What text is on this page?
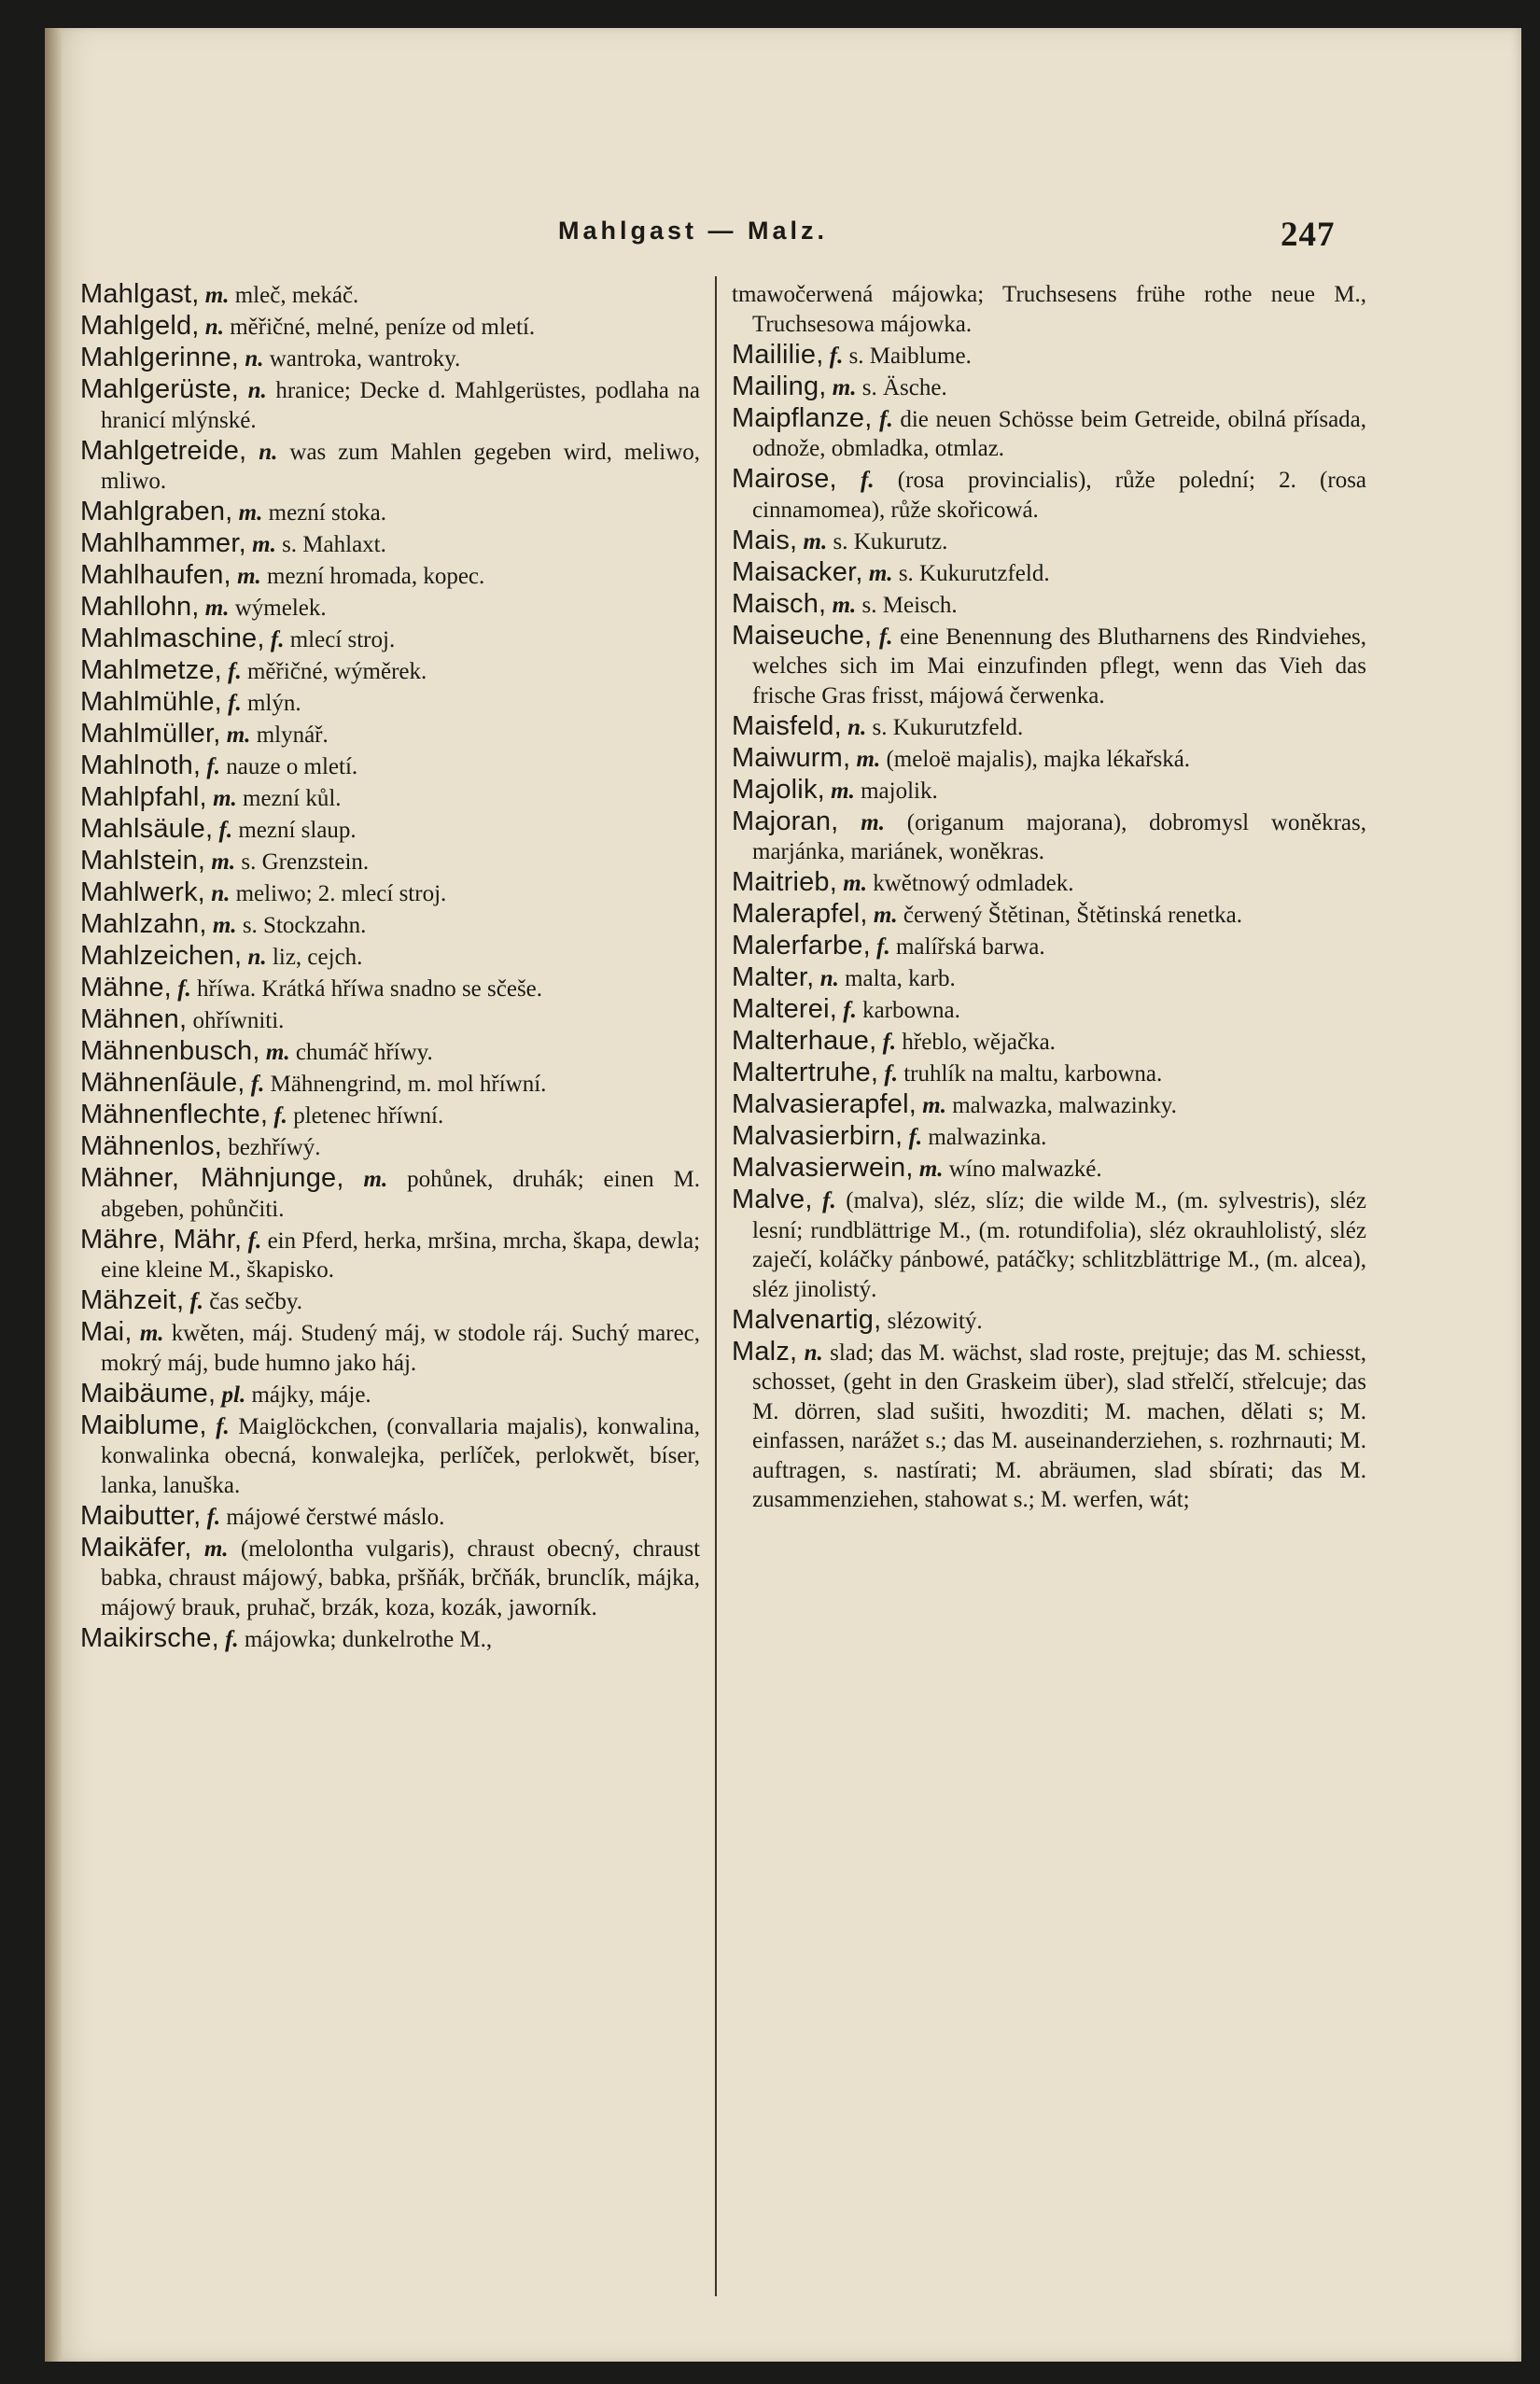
Mahlgast — Malz.	247

Mahlgast, m. mleč, mekáč.

Mahlgeld, n. měřičné, melné, peníze od mletí.

Mahlgerinne, n. wantroka, wantroky.

Mahlgerüste, n. hranice; Decke d. Mahlgerüstes, podlaha na hranicí mlýnské.

Mahlgetreide, n. was zum Mahlen gegeben wird, meliwo, mliwo.

Mahlgraben, m. mezní stoka.

Mahlhammer, m. s. Mahlaxt.

Mahlhaufen, m. mezní hromada, kopec.

Mahllohn, m. wýmelek.

Mahlmaschine, f. mlecí stroj.

Mahlmetze, f. měřičné, wýměrek.

Mahlmühle, f. mlýn.

Mahlmüller, m. mlynář.

Mahlnoth, f. nauze o mletí.

Mahlpfahl, m. mezní kůl.

Mahlsäule, f. mezní slaup.

Mahlstein, m. s. Grenzstein.

Mahlwerk, n. meliwo; 2. mlecí stroj.

Mahlzahn, m. s. Stockzahn.

Mahlzeichen, n. liz, cejch.

Mähne, f. hříwa. Krátká hříwa snadno se sčeše.

Mähnen, ohříwniti.

Mähnenbusch, m. chumáč hříwy.

Mähnenſäule, f. Mähnengrind, m. mol hříwní.

Mähnenflechte, f. pletenec hříwní.

Mähnenlos, bezhříwý.

Mähner, Mähnjunge, m. pohůnek, druhák; einen M. abgeben, pohůnčiti.

Mähre, Mähr, f. ein Pferd, herka, mršina, mrcha, škapa, dewla; eine kleine M., škapisko.

Mähzeit, f. čas sečby.

Mai, m. kwěten, máj. Studený máj, w stodole ráj. Suchý marec, mokrý máj, bude humno jako háj.

Maibäume, pl. májky, máje.

Maiblume, f. Maiglöckchen, (convallaria majalis), konwalina, konwalinka obecná, konwalejka, perlíček, perlokwět, bíser, lanka, lanuška.

Maibutter, f. májowé čerstwé máslo.

Maikäfer, m. (melolontha vulgaris), chraust obecný, chraust babka, chraust májowý, babka, pršňák, brčňák, brunclík, májka, májowý brauk, pruhač, brzák, koza, kozák, jaworník.

Maikirsche, f. májowka; dunkelrothe M.,

tmawočerwená májowka; Truchsesens frühe rothe neue M., Truchsesowa májowka.

Maililie, f. s. Maiblume.

Mailing, m. s. Äsche.

Maipflanze, f. die neuen Schösse beim Getreide, obilná přísada, odnože, obmladka, otmlaz.

Mairose, f. (rosa provincialis), růže polední; 2. (rosa cinnamomea), růže skořicowá.

Mais, m. s. Kukurutz.

Maisacker, m. s. Kukurutzfeld.

Maisch, m. s. Meisch.

Maiseuche, f. eine Benennung des Blutharnens des Rindviehes, welches sich im Mai einzufinden pflegt, wenn das Vieh das frische Gras frisst, májowá čerwenka.

Maisfeld, n. s. Kukurutzfeld.

Maiwurm, m. (meloë majalis), majka lékařská.

Majolik, m. majolik.

Majoran, m. (origanum majorana), dobromysl woněkras, marjánka, mariánek, woněkras.

Maitrieb, m. kwětnowý odmladek.

Malerapfel, m. čerwený Štětinan, Štětinská renetka.

Malerfarbe, f. malířská barwa.

Malter, n. malta, karb.

Malterei, f. karbowna.

Malterhaue, f. hřeblo, wějačka.

Maltertruhe, f. truhlík na maltu, karbowna.

Malvasierapfel, m. malwazka, malwazinky.

Malvasierbirn, f. malwazinka.

Malvasierwein, m. wíno malwazké.

Malve, f. (malva), sléz, slíz; die wilde M., (m. sylvestris), sléz lesní; rundblättrige M., (m. rotundifolia), sléz okrauhlolistý, sléz zaječí, koláčky pánbowé, patáčky; schlitzblättrige M., (m. alcea), sléz jinolistý.

Malvenartig, slézowitý.

Malz, n. slad; das M. wächst, slad roste, prejtuje; das M. schiesst, schosset, (geht in den Graskeim über), slad střelčí, střelcuje; das M. dörren, slad sušiti, hwozditi; M. machen, dělati s; M. einfassen, narážet s.; das M. auseinanderziehen, s. rozhrnauti; M. auftragen, s. nastírati; M. abräumen, slad sbírati; das M. zusammenziehen, stahowat s.; M. werfen, wát;
